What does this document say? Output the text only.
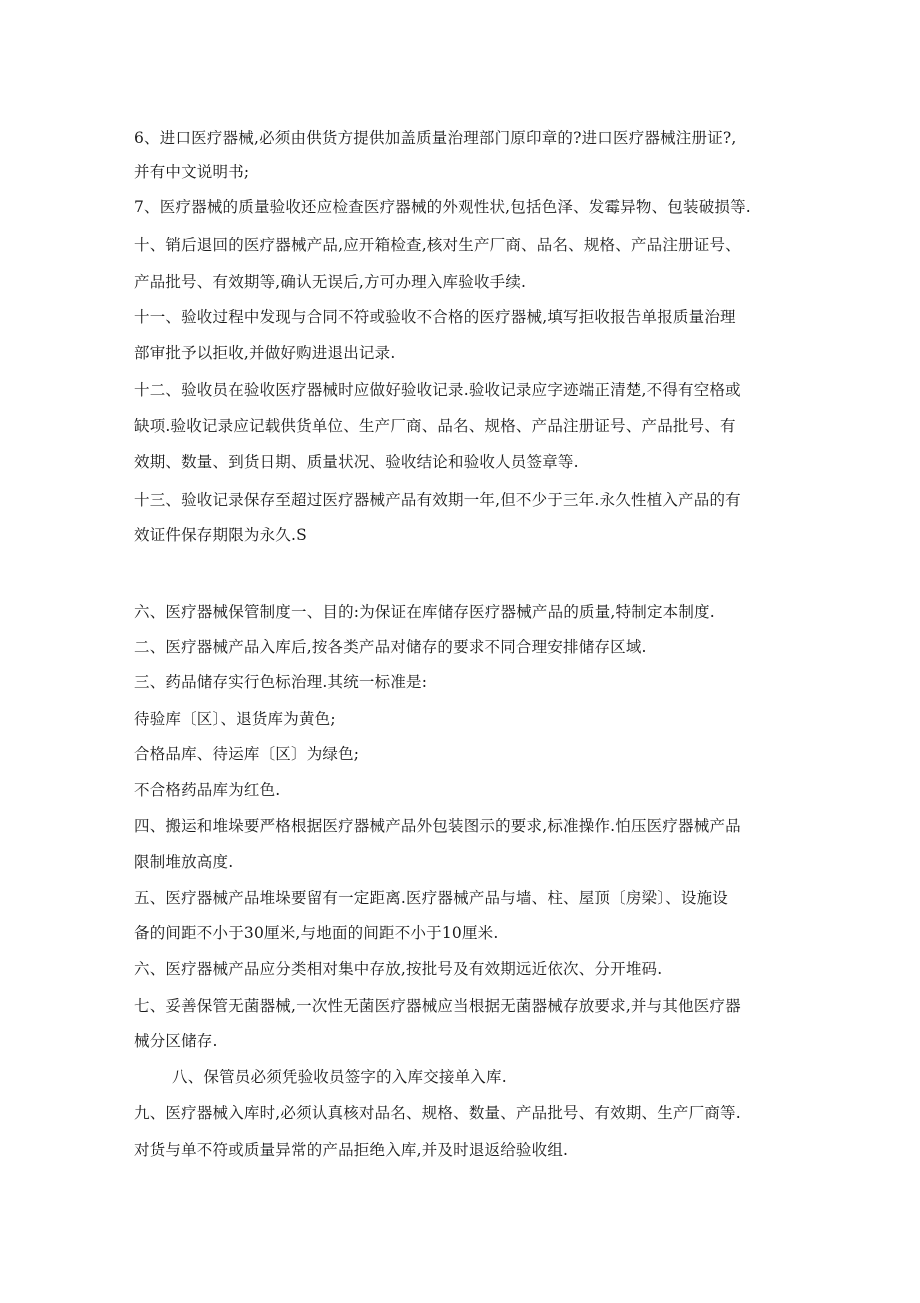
6、进口医疗器械,必须由供货方提供加盖质量治理部门原印章的?进口医疗器械注册证?,
并有中文说明书;
7、医疗器械的质量验收还应检查医疗器械的外观性状,包括色泽、发霉异物、包装破损等.
十、销后退回的医疗器械产品,应开箱检查,核对生产厂商、品名、规格、产品注册证号、
产品批号、有效期等,确认无误后,方可办理入库验收手续.
十一、验收过程中发现与合同不符或验收不合格的医疗器械,填写拒收报告单报质量治理
部审批予以拒收,并做好购进退出记录.
十二、验收员在验收医疗器械时应做好验收记录.验收记录应字迹端正清楚,不得有空格或
缺项.验收记录应记载供货单位、生产厂商、品名、规格、产品注册证号、产品批号、有
效期、数量、到货日期、质量状况、验收结论和验收人员签章等.
十三、验收记录保存至超过医疗器械产品有效期一年,但不少于三年.永久性植入产品的有
效证件保存期限为永久.S
六、医疗器械保管制度一、目的:为保证在库储存医疗器械产品的质量,特制定本制度.
二、医疗器械产品入库后,按各类产品对储存的要求不同合理安排储存区域.
三、药品储存实行色标治理.其统一标准是:
待验库〔区〕、退货库为黄色;
合格品库、待运库〔区〕为绿色;
不合格药品库为红色.
四、搬运和堆垛要严格根据医疗器械产品外包装图示的要求,标准操作.怕压医疗器械产品
限制堆放高度.
五、医疗器械产品堆垛要留有一定距离.医疗器械产品与墙、柱、屋顶〔房梁〕、设施设
备的间距不小于30厘米,与地面的间距不小于10厘米.
六、医疗器械产品应分类相对集中存放,按批号及有效期远近依次、分开堆码.
七、妥善保管无菌器械,一次性无菌医疗器械应当根据无菌器械存放要求,并与其他医疗器
械分区储存.
八、保管员必须凭验收员签字的入库交接单入库.
九、医疗器械入库时,必须认真核对品名、规格、数量、产品批号、有效期、生产厂商等.
对货与单不符或质量异常的产品拒绝入库,并及时退返给验收组.
